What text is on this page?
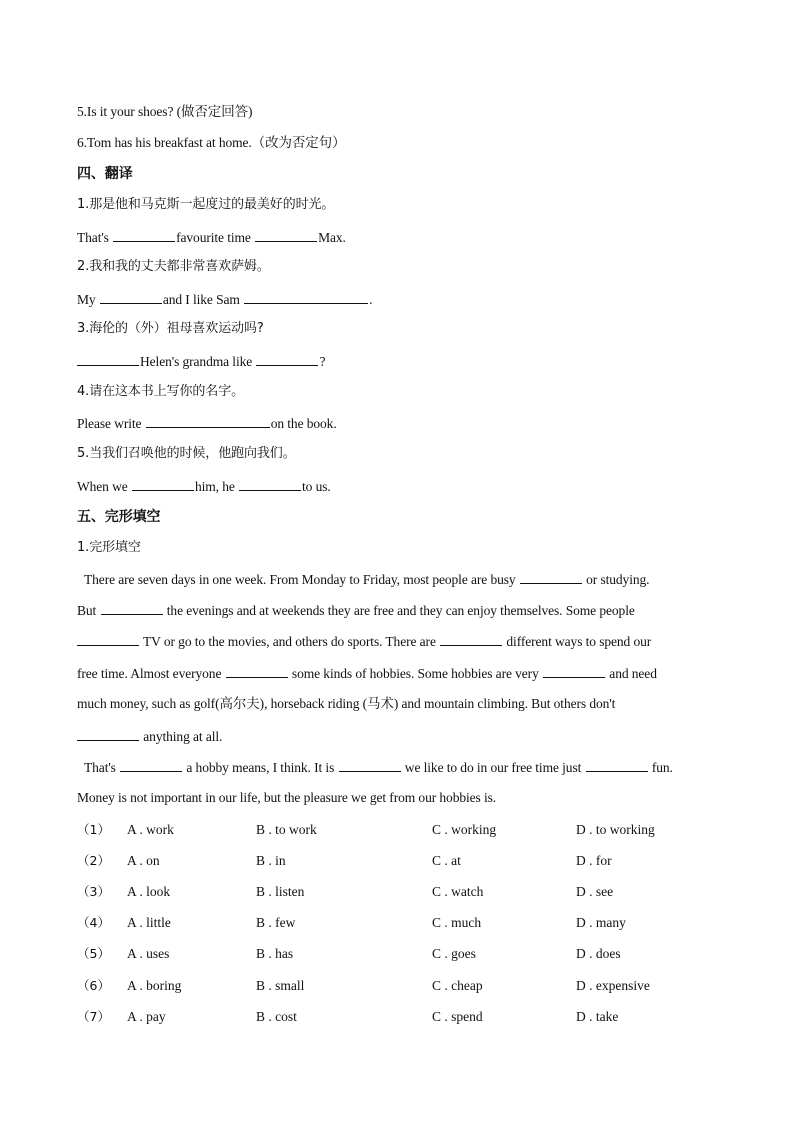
5.Is it your shoes? (做否定回答)
6.Tom has his breakfast at home.（改为否定句）
四、翻译
1.那是他和马克斯一起度过的最美好的时光。
That's	favourite time	Max.
2.我和我的丈夫都非常喜欢萨姆。
My	and I like Sam	.
3.海伦的（外）祖母喜欢运动吗?
Helen's grandma like	?
4.请在这本书上写你的名字。
Please write	on the book.
5.当我们召唤他的时候，他跑向我们。
When we	him, he	to us.
五、完形填空
1.完形填空
There are seven days in one week. From Monday to Friday, most people are busy	or studying.
But	the evenings and at weekends they are free and they can enjoy themselves. Some people
TV or go to the movies, and others do sports. There are	different ways to spend our
free time. Almost everyone	some kinds of hobbies. Some hobbies are very	and need
much money, such as golf(高尔夫), horseback riding (马术) and mountain climbing. But others don't
anything at all.
That's	a hobby means, I think. It is	we like to do in our free time just	fun.
Money is not important in our life, but the pleasure we get from our hobbies is.
（1） A . work	B . to work	C . working	D . to working
（2） A . on	B . in	C . at	D . for
（3） A . look	B . listen	C . watch	D . see
（4） A . little	B . few	C . much	D . many
（5） A . uses	B . has	C . goes	D . does
（6） A . boring	B . small	C . cheap	D . expensive
（7） A . pay	B . cost	C . spend	D . take
